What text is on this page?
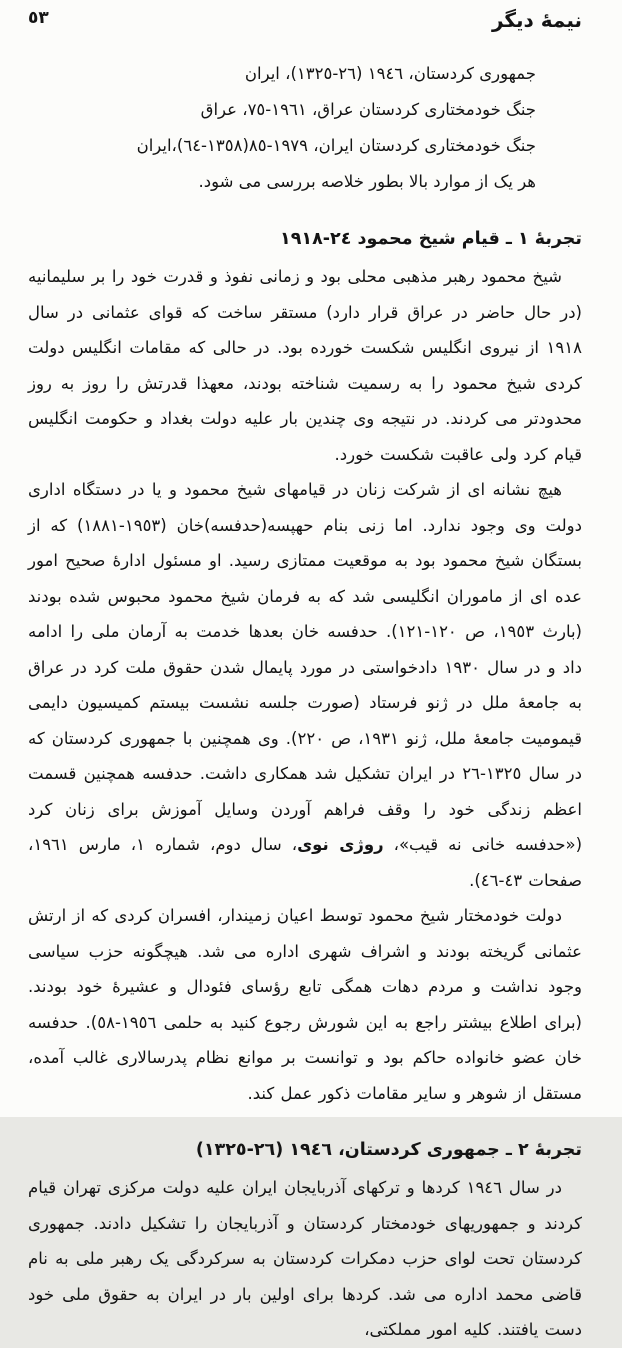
نیمهٔ دیگر
٥٣
جمهوری کردستان، ١٩٤٦ (١٣٢٥‎-‎٢٦)، ایران
جنگ خودمختاری کردستان عراق، ٧٥‎-‎١٩٦١، عراق
جنگ خودمختاری کردستان ایران، ٨٥‎-‎١٩٧٩(٦٤‎-‎١٣٥٨)،ایران
هر یک از موارد بالا بطور خلاصه بررسی می شود.
تجربهٔ ١ ـ قیام شیخ محمود ١٩١٨‎-‎٢٤

شیخ محمود رهبر مذهبی محلی بود و زمانی نفوذ و قدرت خود را بر سلیمانیه (در حال حاضر در عراق قرار دارد) مستقر ساخت که قوای عثمانی در سال ١٩١٨ از نیروی انگلیس شکست خورده بود. در حالی که مقامات انگلیس دولت کردی شیخ محمود را به رسمیت شناخته بودند، معهذا قدرتش را روز به روز محدودتر می کردند. در نتیجه وی چندین بار علیه دولت بغداد و حکومت انگلیس قیام کرد ولی عاقبت شکست خورد.

هیچ نشانه ای از شرکت زنان در قیامهای شیخ محمود و یا در دستگاه اداری دولت وی وجود ندارد. اما زنی بنام حهپسه(حدفسه)خان (١٨٨١‎-‎١٩٥٣) که از بستگان شیخ محمود بود به موقعیت ممتازی رسید. او مسئول ادارهٔ صحیح امور عده ای از ماموران انگلیسی شد که به فرمان شیخ محمود محبوس شده بودند (بارث ١٩٥٣، ص ١٢١‎-‎١٢٠). حدفسه خان بعدها خدمت به آرمان ملی را ادامه داد و در سال ١٩٣٠ دادخواستی در مورد پایمال شدن حقوق ملت کرد در عراق به جامعهٔ ملل در ژنو فرستاد (صورت جلسه نشست بیستم کمیسیون دایمی قیمومیت جامعهٔ ملل، ژنو ١٩٣١، ص ٢٢٠). وی همچنین با جمهوری کردستان که در سال ٢٦‎-‎١٣٢٥ در ایران تشکیل شد همکاری داشت. حدفسه همچنین قسمت اعظم زندگی خود را وقف فراهم آوردن وسایل آموزش برای زنان کرد («حدفسه خانی نه قیب»، روژی نوی، سال دوم، شماره ١، مارس ١٩٦١، صفحات ٤٦‎-‎٤٣).

دولت خودمختار شیخ محمود توسط اعیان زمیندار، افسران کردی که از ارتش عثمانی گریخته بودند و اشراف شهری اداره می شد. هیچگونه حزب سیاسی وجود نداشت و مردم دهات همگی تابع رؤسای فئودال و عشیرهٔ خود بودند. (برای اطلاع بیشتر راجع به این شورش رجوع کنید به حلمی ٥٨‎-‎١٩٥٦). حدفسه خان عضو خانواده حاکم بود و توانست بر موانع نظام پدرسالاری غالب آمده، مستقل از شوهر و سایر مقامات ذکور عمل کند.

تجربهٔ ٢ ـ جمهوری کردستان، ١٩٤٦ (١٣٢٥‎-‎٢٦)

در سال ١٩٤٦ کردها و ترکهای آذربایجان ایران علیه دولت مرکزی تهران قیام کردند و جمهوریهای خودمختار کردستان و آذربایجان را تشکیل دادند. جمهوری کردستان تحت لوای حزب دمکرات کردستان به سرکردگی یک رهبر ملی به نام قاضی محمد اداره می شد. کردها برای اولین بار در ایران به حقوق ملی خود دست یافتند. کلیه امور مملکتی،
